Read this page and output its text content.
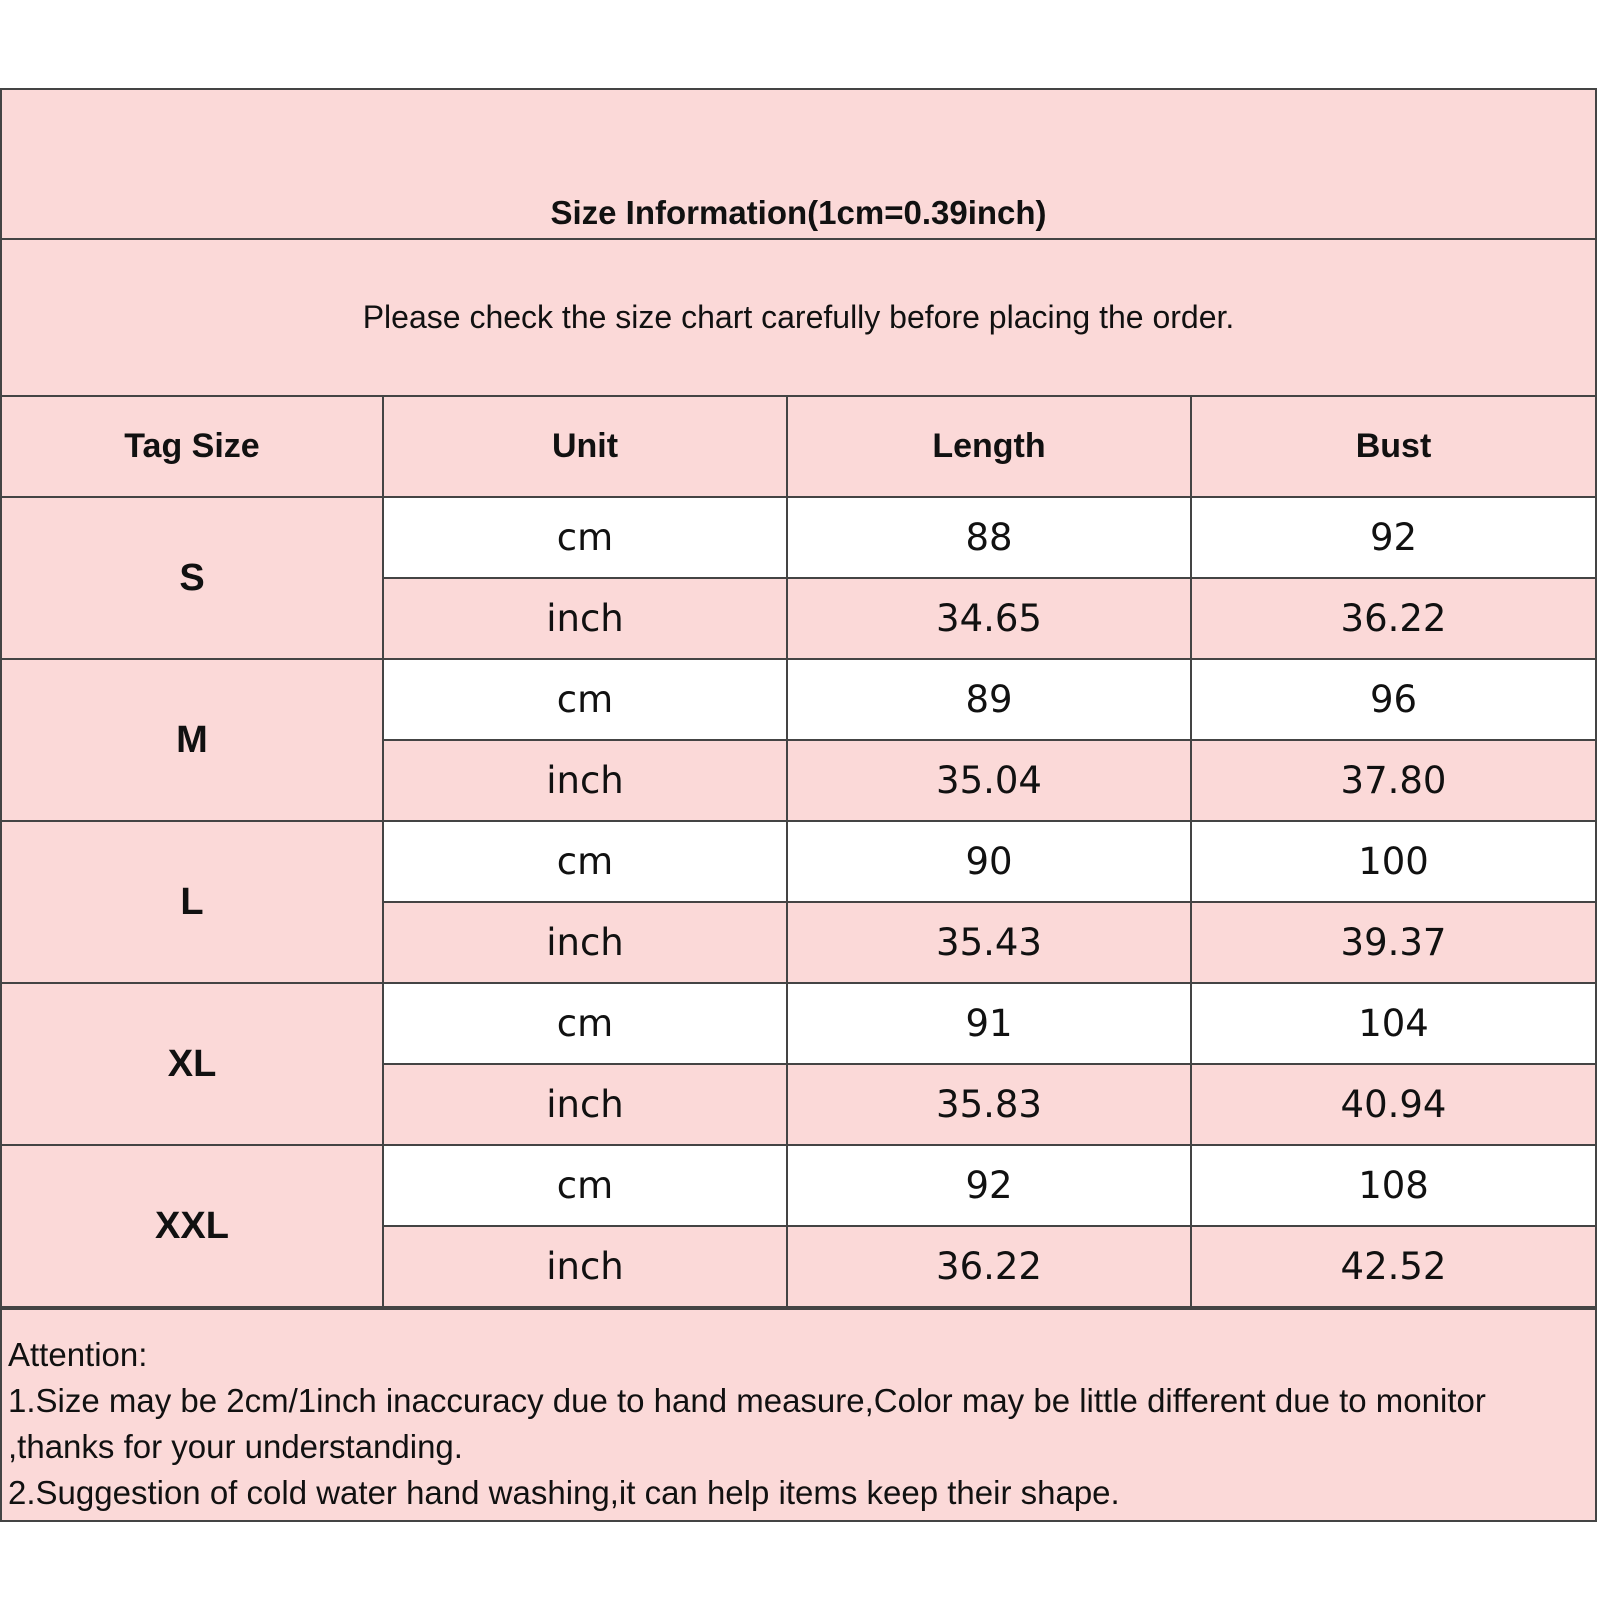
Size Information(1cm=0.39inch)
Please check the size chart carefully before placing the order.
Tag Size	Unit	Length	Bust
S	cm	88	92
	inch	34.65	36.22
M	cm	89	96
	inch	35.04	37.80
L	cm	90	100
	inch	35.43	39.37
XL	cm	91	104
	inch	35.83	40.94
XXL	cm	92	108
	inch	36.22	42.52
Attention:
1.Size may be 2cm/1inch inaccuracy due to hand measure,Color may be little different due to monitor
,thanks for your understanding.
2.Suggestion of cold water hand washing,it can help items keep their shape.
